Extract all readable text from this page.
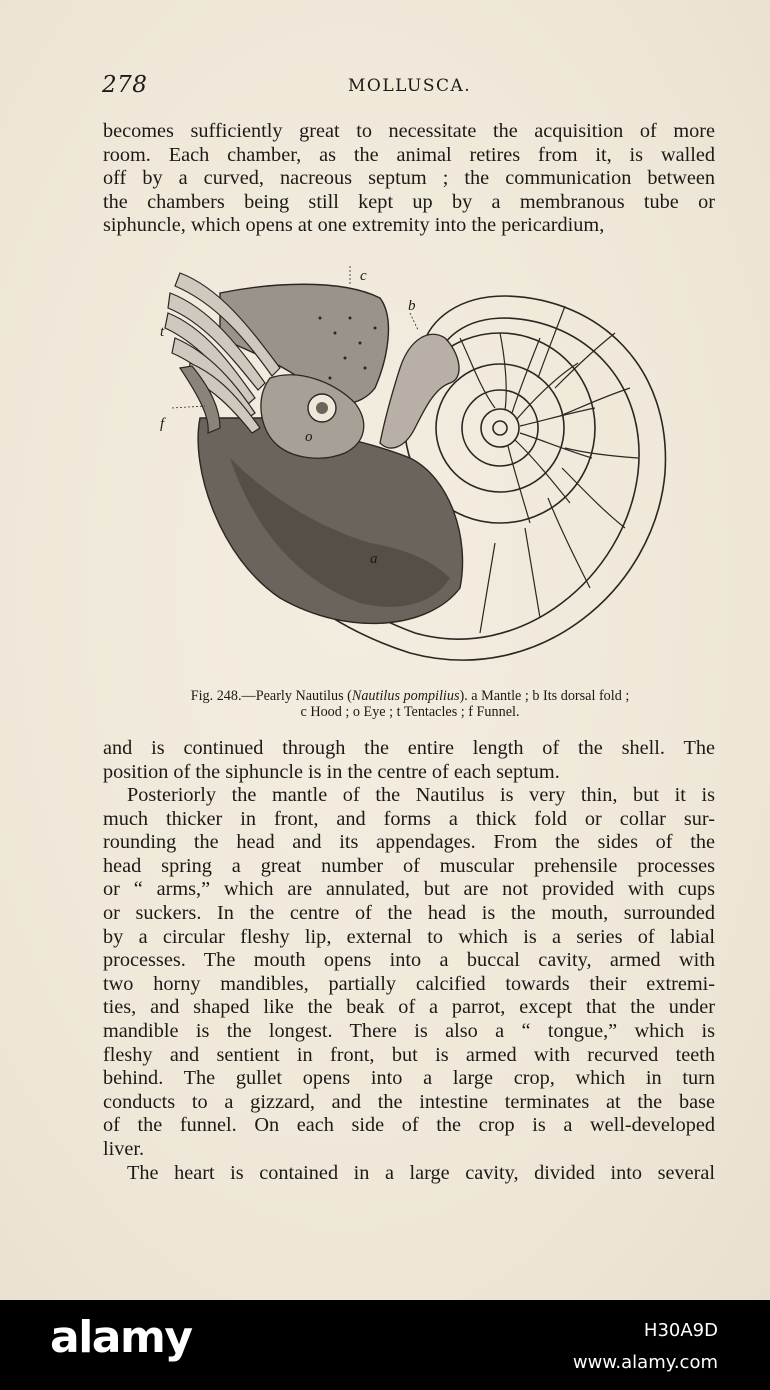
278	MOLLUSCA.
becomes sufficiently great to necessitate the acquisition of more
room. Each chamber, as the animal retires from it, is walled
off by a curved, nacreous septum ; the communication between
the chambers being still kept up by a membranous tube or
siphuncle, which opens at one extremity into the pericardium,
c
b
t
f
o
a
Fig. 248.—Pearly Nautilus (Nautilus pompilius). a Mantle ; b Its dorsal fold ;
c Hood ; o Eye ; t Tentacles ; f Funnel.
and is continued through the entire length of the shell. The
position of the siphuncle is in the centre of each septum.
Posteriorly the mantle of the Nautilus is very thin, but it is
much thicker in front, and forms a thick fold or collar sur-
rounding the head and its appendages. From the sides of the
head spring a great number of muscular prehensile processes
or “ arms,” which are annulated, but are not provided with cups
or suckers. In the centre of the head is the mouth, surrounded
by a circular fleshy lip, external to which is a series of labial
processes. The mouth opens into a buccal cavity, armed with
two horny mandibles, partially calcified towards their extremi-
ties, and shaped like the beak of a parrot, except that the under
mandible is the longest. There is also a “ tongue,” which is
fleshy and sentient in front, but is armed with recurved teeth
behind. The gullet opens into a large crop, which in turn
conducts to a gizzard, and the intestine terminates at the base
of the funnel. On each side of the crop is a well-developed
liver.
The heart is contained in a large cavity, divided into several
alamy	H30A9D
www.alamy.com
